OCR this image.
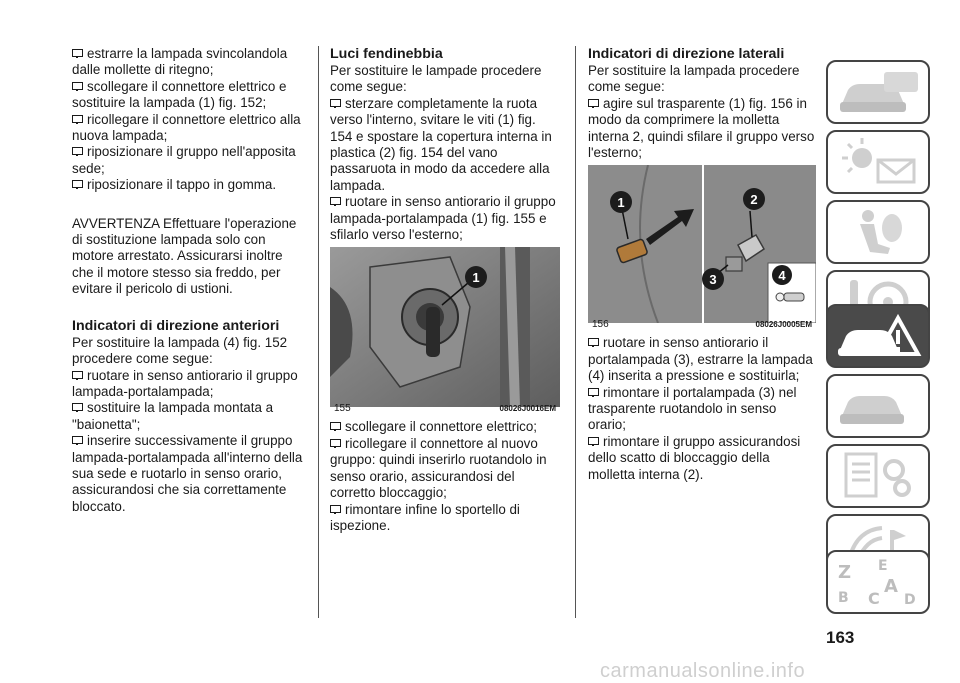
estrarre la lampada svincolandola dalle mollette di ritegno;

scollegare il connettore elettrico e sostituire la lampada (1) fig. 152;

ricollegare il connettore elettrico alla nuova lampada;

riposizionare il gruppo nell'apposita sede;

riposizionare il tappo in gomma.

AVVERTENZA Effettuare l'operazione di sostituzione lampada solo con motore arrestato. Assicurarsi inoltre che il motore stesso sia freddo, per evitare il pericolo di ustioni.

Indicatori di direzione anteriori

Per sostituire la lampada (4) fig. 152 procedere come segue:

ruotare in senso antiorario il gruppo lampada-portalampada;

sostituire la lampada montata a "baionetta";

inserire successivamente il gruppo lampada-portalampada all'interno della sua sede e ruotarlo in senso orario, assicurandosi che sia correttamente bloccato.

Luci fendinebbia

Per sostituire le lampade procedere come segue:

sterzare completamente la ruota verso l'interno, svitare le viti (1) fig. 154 e spostare la copertura interna in plastica (2) fig. 154 del vano passaruota in modo da accedere alla lampada.

ruotare in senso antiorario il gruppo lampada-portalampada (1) fig. 155 e sfilarlo verso l'esterno;

1
155	08026J0016EM

scollegare il connettore elettrico;

ricollegare il connettore al nuovo gruppo: quindi inserirlo ruotandolo in senso orario, assicurandosi del corretto bloccaggio;

rimontare infine lo sportello di ispezione.

Indicatori di direzione laterali

Per sostituire la lampada procedere come segue:

agire sul trasparente (1) fig. 156 in modo da comprimere la molletta interna 2, quindi sfilare il gruppo verso l'esterno;

1	2
3	4
156	08026J0005EM

ruotare in senso antiorario il portalampada (3), estrarre la lampada (4) inserita a pressione e sostituirla;

rimontare il portalampada (3) nel trasparente ruotandolo in senso orario;

rimontare il gruppo assicurandosi dello scatto di bloccaggio della molletta interna (2).

Z E
B C
A
D
163
carmanualsonline.info
